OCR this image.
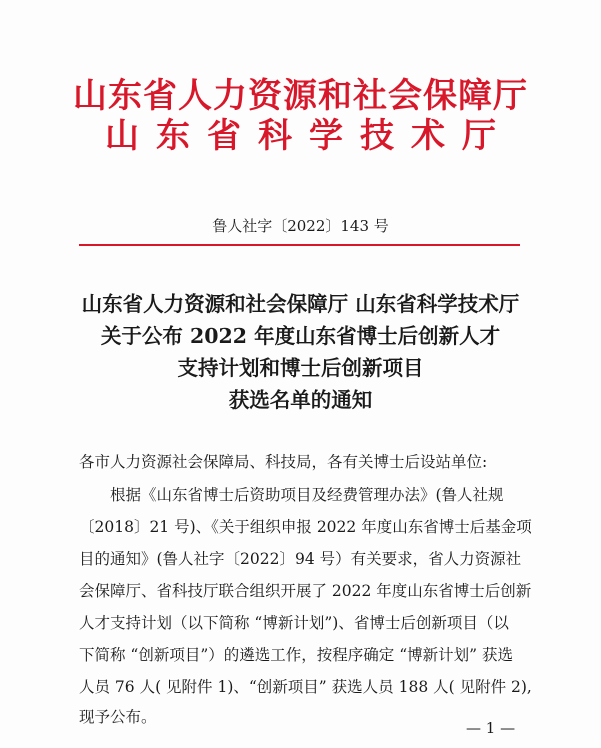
山东省人力资源和社会保障厅
山东省科学技术厅
鲁人社字〔2022〕143 号
山东省人力资源和社会保障厅 山东省科学技术厅
关于公布 2022 年度山东省博士后创新人才
支持计划和博士后创新项目
获选名单的通知
各市人力资源社会保障局、科技局，各有关博士后设站单位:
根据《山东省博士后资助项目及经费管理办法》(鲁人社规
〔2018〕21 号)、《关于组织申报 2022 年度山东省博士后基金项
目的通知》(鲁人社字〔2022〕94 号）有关要求，省人力资源社
会保障厅、省科技厅联合组织开展了 2022 年度山东省博士后创新
人才支持计划（以下简称 “博新计划”)、省博士后创新项目（以
下简称 “创新项目”）的遴选工作，按程序确定 “博新计划” 获选
人员 76 人( 见附件 1)、“创新项目” 获选人员 188 人( 见附件 2),
现予公布。
— 1 —
